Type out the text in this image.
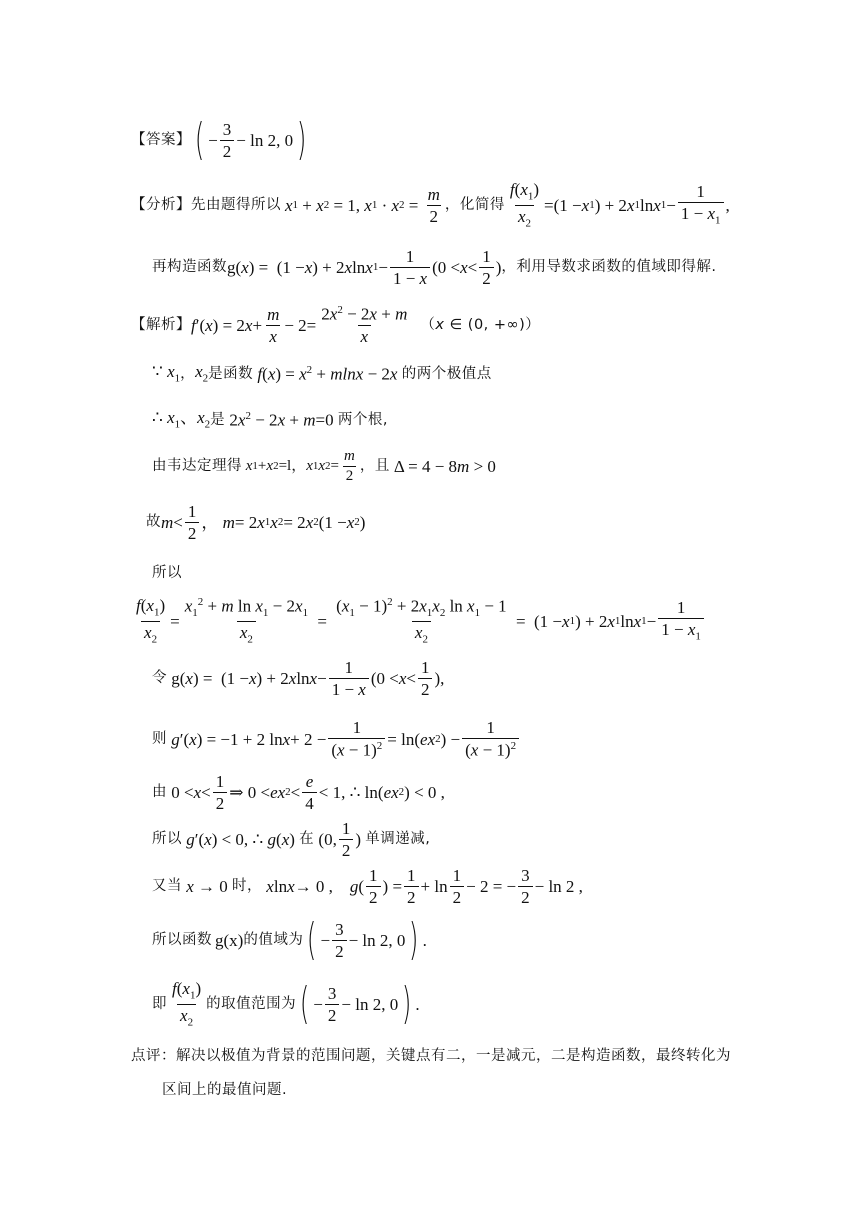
【答案】 ( − $\frac{3}{2} - \ln 2$, 0 )
【分析】 先由题得所以 x 1 + x 2 = 1, x 1 · x $2 = \frac{m}{2}$ ，化简得 $\frac{f(x_1)}{x_2} =(1 - x$ 1 ) + 2 x 1 ln x $1 - \frac{1}{1 - x_1}$ ,
再构造函数 g( x ) =  (1 − x ) + 2 x ln x $1 - \frac{1}{1 - x} (0 < x < \frac{1}{2}$ ) ，利用导数求函数的值域即得解.
【解析】 f ′( x ) = 2 $x + \frac{m}{x} - 2= \frac{2x^2 - 2x + m}{x} (x$ ∈ (0, +∞)）
∵ $x_1$ ， $x_2$ 是函数 $f(x) = x^2 + mlnx - 2x$ 的两个极值点
∴ $x_1$、$x_2$ 是 $2x^2 - 2x + m=0$ 两个根,
由韦达定理得
x 1 + x 2 =l， x 1 x $2 = \frac{m}{2}$ ，且 Δ = 4 − 8m > 0
故 $m < \frac{1}{2}$ ， m = 2 x 1 x 2 = 2 x 2 (1 − x 2 )
所以
$\frac{f(x_1)}{x_2} = \frac{x_1^2 + m \ln x_1 - 2x_1}{x_2} = \frac{(x_1 - 1)^2 + 2x_1x_2 \ln x_1 - 1}{x_2} = (1 - x$ 1 ) + 2 x 1 ln x $1 - \frac{1}{1 - x_1}$
令 g( x ) =  (1 − x ) + 2 x $\ln x - \frac{1}{1 - x} (0 < x < \frac{1}{2}$ ),
则
g ′( x ) = −1 + 2 $\ln x + 2 - \frac{1}{(x - 1)^2} = \ln$( ex 2 ) − $\frac{1}{(x - 1)^2}$
由 $0 < x < \frac{1}{2}$ ⇒ 0 < ex $2 < \frac{e}{4} < 1$, ∴ ln( ex 2 ) < 0 ,
所以 g′(x) < 0, ∴ g(x) 在 (0, $\frac{1}{2}$ ) 单调递减,
又当 x → 0 时，
x ln x → 0 , g ( $\frac{1}{2}$ ) = $\frac{1}{2} + \ln \frac{1}{2} - 2$ = − $\frac{3}{2} - \ln 2$ ,
所以函数 g(x) 的值域为 ( − $\frac{3}{2} - \ln 2$, 0 ) .
即 $\frac{f(x_1)}{x_2}$ 的取值范围为 ( − $\frac{3}{2} - \ln 2$, 0 ) .
点评：解决以极值为背景的范围问题，关键点有二，一是减元，二是构造函数，最终转化为
区间上的最值问题.
